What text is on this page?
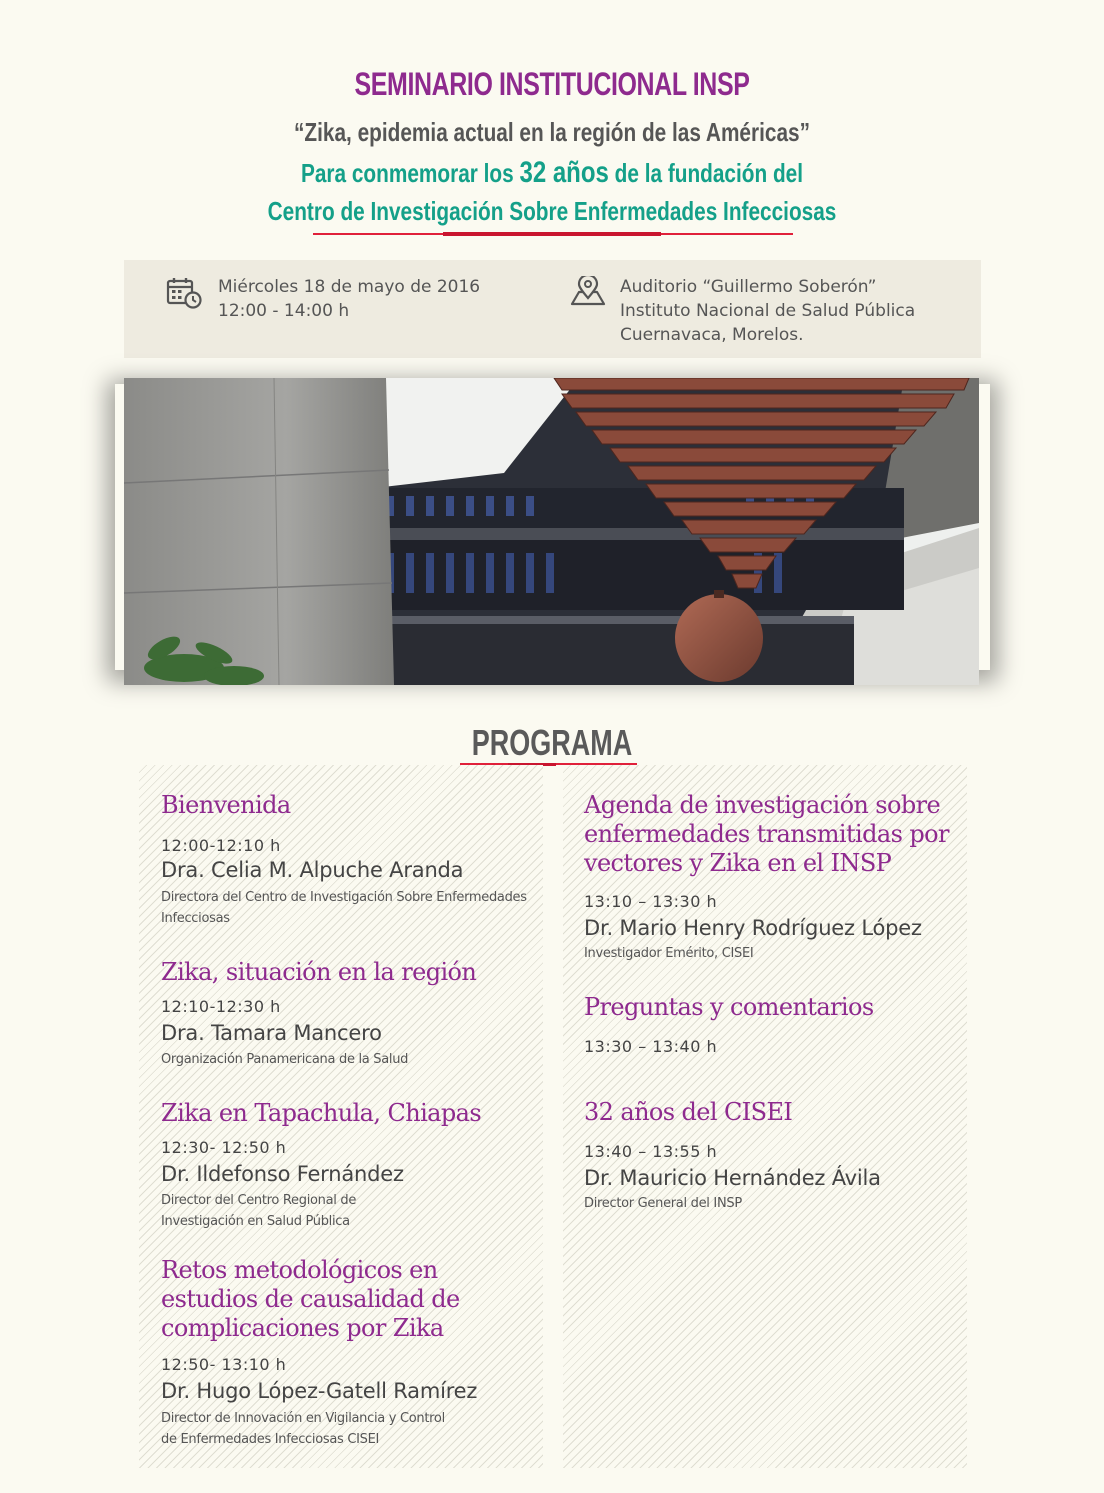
SEMINARIO INSTITUCIONAL INSP
“Zika, epidemia actual en la región de las Américas”
Para conmemorar los 32 años de la fundación del
Centro de Investigación Sobre Enfermedades Infecciosas
Miércoles 18 de mayo de 2016
12:00 - 14:00 h
Auditorio “Guillermo Soberón”
Instituto Nacional de Salud Pública
Cuernavaca, Morelos.
PROGRAMA
Bienvenida
12:00-12:10 h
Dra. Celia M. Alpuche Aranda
Directora del Centro de Investigación Sobre Enfermedades
Infecciosas
Zika, situación en la región
12:10-12:30 h
Dra. Tamara Mancero
Organización Panamericana de la Salud
Zika en Tapachula, Chiapas
12:30- 12:50 h
Dr. Ildefonso Fernández
Director del Centro Regional de
Investigación en Salud Pública
Retos metodológicos en
estudios de causalidad de
complicaciones por Zika
12:50- 13:10 h
Dr. Hugo López-Gatell Ramírez
Director de Innovación en Vigilancia y Control
de Enfermedades Infecciosas CISEI
Agenda de investigación sobre
enfermedades transmitidas por
vectores y Zika en el INSP
13:10 – 13:30 h
Dr. Mario Henry Rodríguez López
Investigador Emérito, CISEI
Preguntas y comentarios
13:30 – 13:40 h
32 años del CISEI
13:40 – 13:55 h
Dr. Mauricio Hernández Ávila
Director General del INSP
